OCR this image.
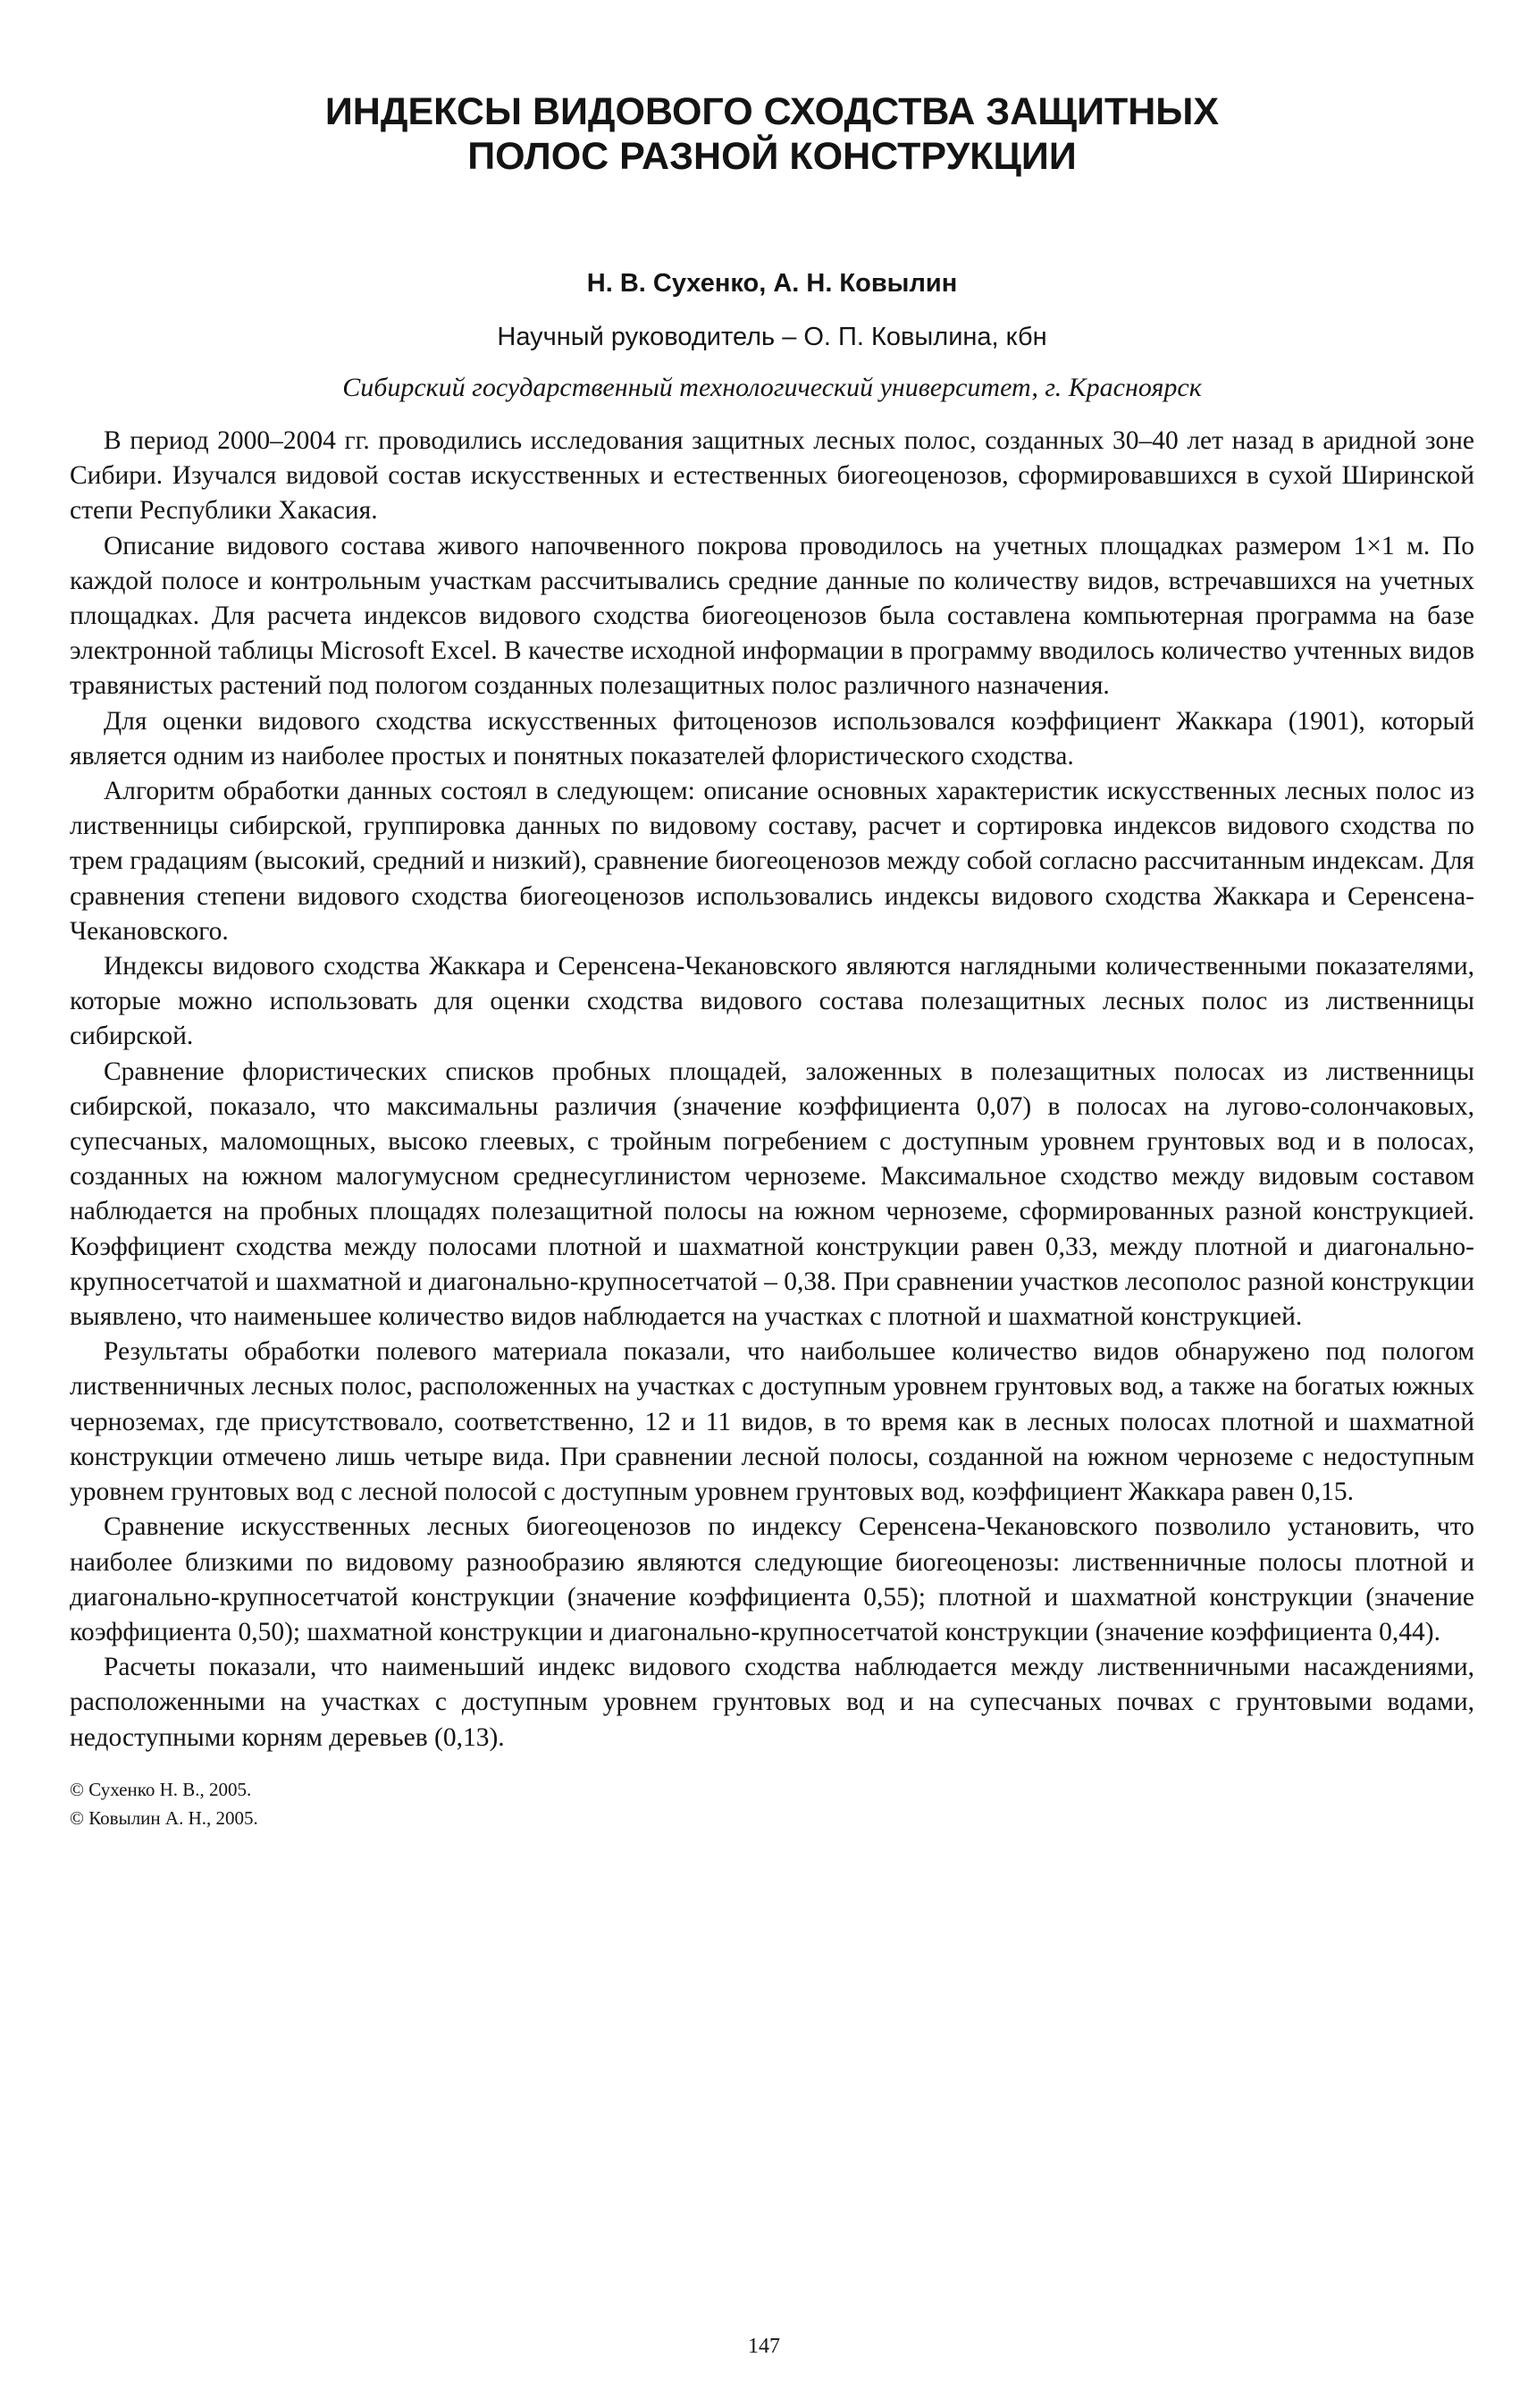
ИНДЕКСЫ ВИДОВОГО СХОДСТВА ЗАЩИТНЫХ
ПОЛОС РАЗНОЙ КОНСТРУКЦИИ
Н. В. Сухенко, А. Н. Ковылин
Научный руководитель – О. П. Ковылина, кбн
Сибирский государственный технологический университет, г. Красноярск

В период 2000–2004 гг. проводились исследования защитных лесных полос, созданных 30–40 лет назад в аридной зоне Сибири. Изучался видовой состав искусственных и естественных биогеоценозов, сформировавшихся в сухой Ширинской степи Республики Хакасия.

Описание видового состава живого напочвенного покрова проводилось на учетных площадках размером 1×1 м. По каждой полосе и контрольным участкам рассчитывались средние данные по количеству видов, встречавшихся на учетных площадках. Для расчета индексов видового сходства биогеоценозов была составлена компьютерная программа на базе электронной таблицы Microsoft Excel. В качестве исходной информации в программу вводилось количество учтенных видов травянистых растений под пологом созданных полезащитных полос различного назначения.

Для оценки видового сходства искусственных фитоценозов использовался коэффициент Жаккара (1901), который является одним из наиболее простых и понятных показателей флористического сходства.

Алгоритм обработки данных состоял в следующем: описание основных характеристик искусственных лесных полос из лиственницы сибирской, группировка данных по видовому составу, расчет и сортировка индексов видового сходства по трем градациям (высокий, средний и низкий), сравнение биогеоценозов между собой согласно рассчитанным индексам. Для сравнения степени видового сходства биогеоценозов использовались индексы видового сходства Жаккара и Серенсена-Чекановского.

Индексы видового сходства Жаккара и Серенсена-Чекановского являются наглядными количественными показателями, которые можно использовать для оценки сходства видового состава полезащитных лесных полос из лиственницы сибирской.

Сравнение флористических списков пробных площадей, заложенных в полезащитных полосах из лиственницы сибирской, показало, что максимальны различия (значение коэффициента 0,07) в полосах на лугово-солончаковых, супесчаных, маломощных, высоко глеевых, с тройным погребением с доступным уровнем грунтовых вод и в полосах, созданных на южном малогумусном среднесуглинистом черноземе. Максимальное сходство между видовым составом наблюдается на пробных площадях полезащитной полосы на южном черноземе, сформированных разной конструкцией. Коэффициент сходства между полосами плотной и шахматной конструкции равен 0,33, между плотной и диагонально-крупносетчатой и шахматной и диагонально-крупносетчатой – 0,38. При сравнении участков лесополос разной конструкции выявлено, что наименьшее количество видов наблюдается на участках с плотной и шахматной конструкцией.

Результаты обработки полевого материала показали, что наибольшее количество видов обнаружено под пологом лиственничных лесных полос, расположенных на участках с доступным уровнем грунтовых вод, а также на богатых южных черноземах, где присутствовало, соответственно, 12 и 11 видов, в то время как в лесных полосах плотной и шахматной конструкции отмечено лишь четыре вида. При сравнении лесной полосы, созданной на южном черноземе с недоступным уровнем грунтовых вод с лесной полосой с доступным уровнем грунтовых вод, коэффициент Жаккара равен 0,15.

Сравнение искусственных лесных биогеоценозов по индексу Серенсена-Чекановского позволило установить, что наиболее близкими по видовому разнообразию являются следующие биогеоценозы: лиственничные полосы плотной и диагонально-крупносетчатой конструкции (значение коэффициента 0,55); плотной и шахматной конструкции (значение коэффициента 0,50); шахматной конструкции и диагонально-крупносетчатой конструкции (значение коэффициента 0,44).

Расчеты показали, что наименьший индекс видового сходства наблюдается между лиственничными насаждениями, расположенными на участках с доступным уровнем грунтовых вод и на супесчаных почвах с грунтовыми водами, недоступными корням деревьев (0,13).

© Сухенко Н. В., 2005.
© Ковылин А. Н., 2005.
147
